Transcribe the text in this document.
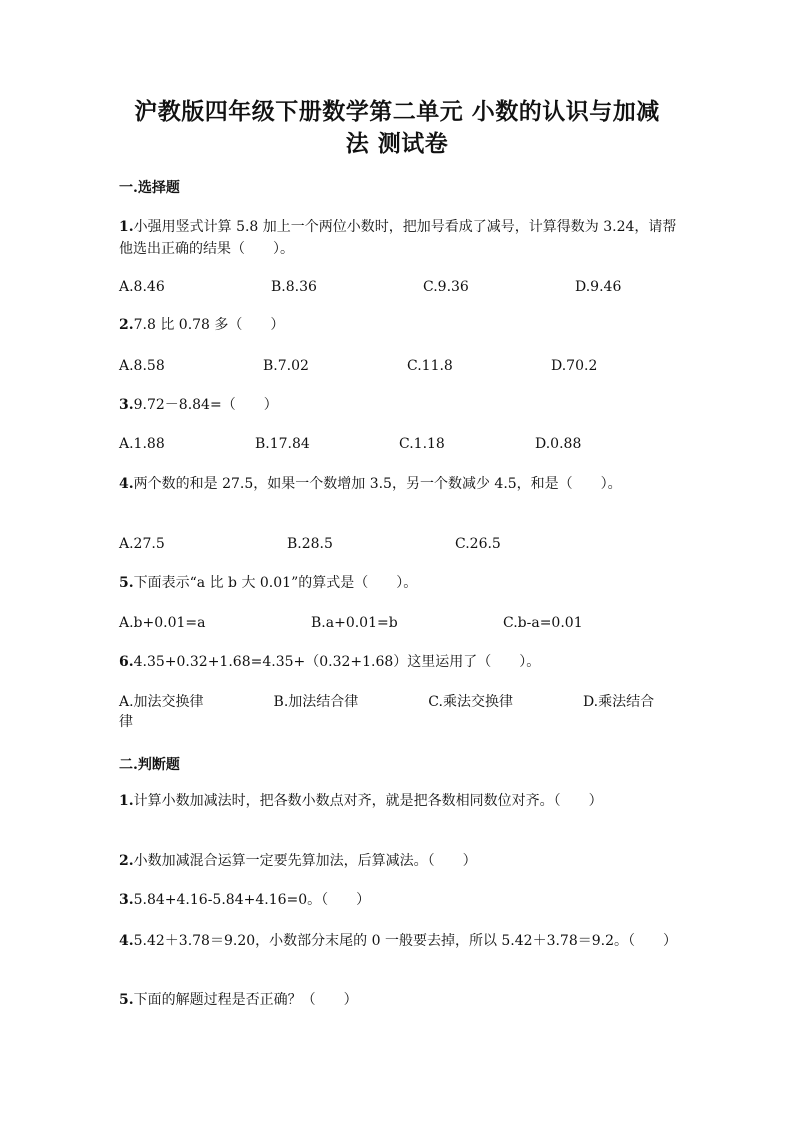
沪教版四年级下册数学第二单元 小数的认识与加减
法 测试卷
一.选择题
1.小强用竖式计算 5.8 加上一个两位小数时，把加号看成了减号，计算得数为 3.24，请帮他选出正确的结果（　　）。
A.8.46	B.8.36	C.9.36	D.9.46
2.7.8 比 0.78 多（　　）
A.8.58	B.7.02	C.11.8	D.70.2
3.9.72－8.84=（　　）
A.1.88	B.17.84	C.1.18	D.0.88
4.两个数的和是 27.5，如果一个数增加 3.5，另一个数减少 4.5，和是（　　）。
A.27.5	B.28.5	C.26.5
5.下面表示“a 比 b 大 0.01”的算式是（　　）。
A.b+0.01=a	B.a+0.01=b	C.b-a=0.01
6.4.35+0.32+1.68=4.35+（0.32+1.68）这里运用了（　　）。
A.加法交换律　　　　　B.加法结合律　　　　　C.乘法交换律　　　　　D.乘法结合律
二.判断题
1.计算小数加减法时，把各数小数点对齐，就是把各数相同数位对齐。（　　）
2.小数加减混合运算一定要先算加法，后算减法。（　　）
3.5.84+4.16-5.84+4.16=0。（　　）
4.5.42＋3.78＝9.20，小数部分末尾的 0 一般要去掉，所以 5.42＋3.78＝9.2。（　　）
5.下面的解题过程是否正确？（　　）
